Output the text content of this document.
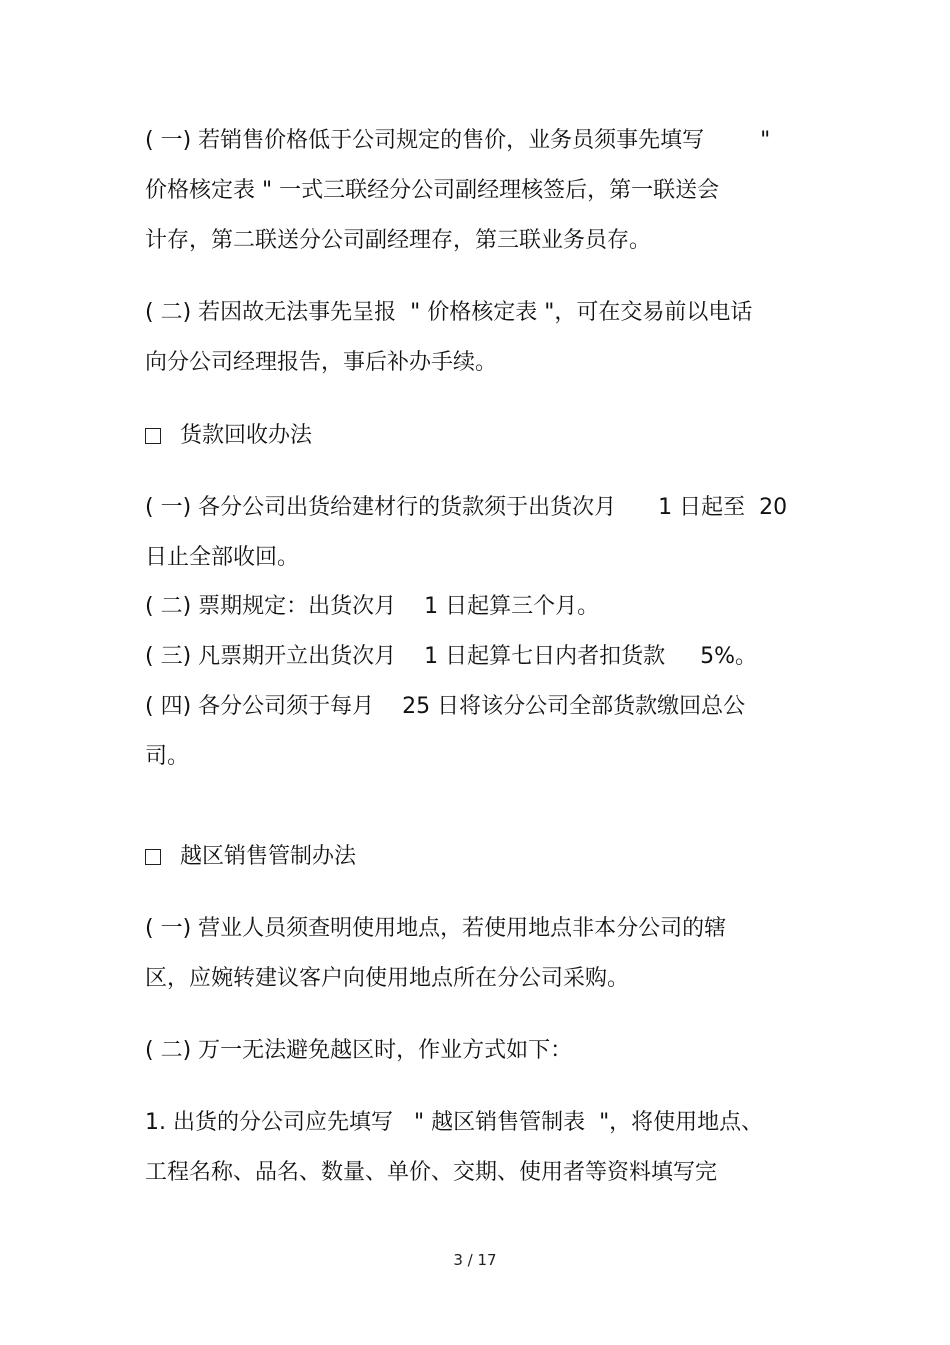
( 一) 若销售价格低于公司规定的售价，业务员须事先填写        "

价格核定表 " 一式三联经分公司副经理核签后，第一联送会

计存，第二联送分公司副经理存，第三联业务员存。

( 二) 若因故无法事先呈报  " 价格核定表 "，可在交易前以电话

向分公司经理报告，事后补办手续。

货款回收办法

( 一) 各分公司出货给建材行的货款须于出货次月      1 日起至  20

日止全部收回。

( 二) 票期规定：出货次月    1 日起算三个月。

( 三) 凡票期开立出货次月    1 日起算七日内者扣货款     5%。

( 四) 各分公司须于每月    25 日将该分公司全部货款缴回总公

司。

越区销售管制办法

( 一) 营业人员须查明使用地点，若使用地点非本分公司的辖

区，应婉转建议客户向使用地点所在分公司采购。

( 二) 万一无法避免越区时，作业方式如下：

1. 出货的分公司应先填写   " 越区销售管制表  "，将使用地点、

工程名称、品名、数量、单价、交期、使用者等资料填写完

3 / 17
